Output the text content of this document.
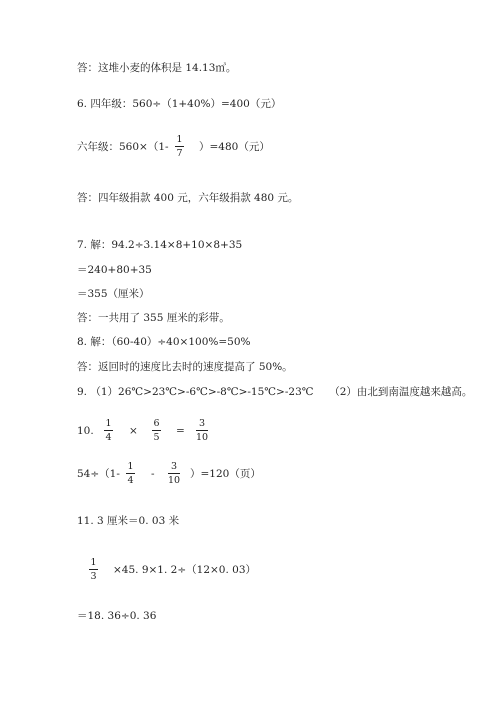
答：这堆小麦的体积是 14.13㎥。
6. 四年级：560÷（1+40%）=400（元）
六年级：560×（1-
1
7
）=480（元）
答：四年级捐款 400 元，六年级捐款 480 元。
7. 解：94.2÷3.14×8+10×8+35
＝240+80+35
＝355（厘米）
答：一共用了 355 厘米的彩带。
8. 解：（60-40）÷40×100%=50%
答：返回时的速度比去时的速度提高了 50%。
9. （1）26℃>23℃>-6℃>-8℃>-15℃>-23℃　　（2）由北到南温度越来越高。
10.
1
4
×
6
5
=
3
10
54÷（1-
1
4
-
3
10
）=120（页）
11. 3 厘米＝0. 03 米
1
3
×45. 9×1. 2÷（12×0. 03）
＝18. 36÷0. 36
